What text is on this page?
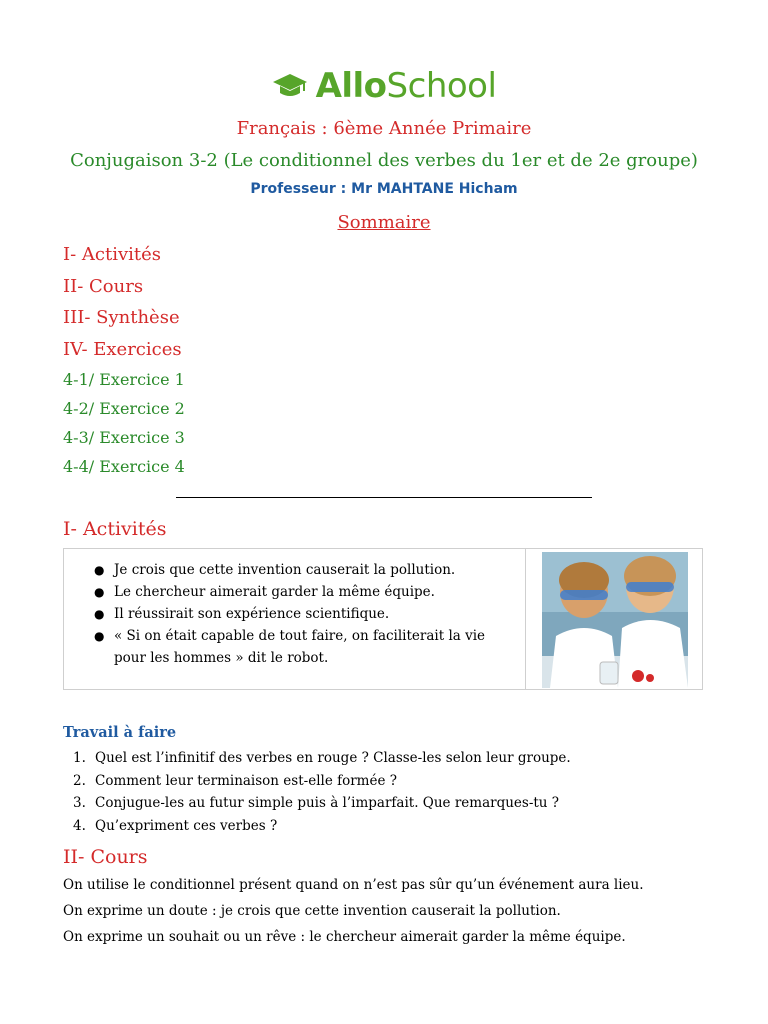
AlloSchool
Français : 6ème Année Primaire
Conjugaison 3-2 (Le conditionnel des verbes du 1er et de 2e groupe)
Professeur : Mr MAHTANE Hicham
Sommaire
I- Activités
II- Cours
III- Synthèse
IV- Exercices
4-1/ Exercice 1
4-2/ Exercice 2
4-3/ Exercice 3
4-4/ Exercice 4
I- Activités
● Je crois que cette invention causerait la pollution.
● Le chercheur aimerait garder la même équipe.
● Il réussirait son expérience scientifique.
● « Si on était capable de tout faire, on faciliterait la vie pour les hommes » dit le robot.
Travail à faire
1. Quel est l’infinitif des verbes en rouge ? Classe-les selon leur groupe.
2. Comment leur terminaison est-elle formée ?
3. Conjugue-les au futur simple puis à l’imparfait. Que remarques-tu ?
4. Qu’expriment ces verbes ?
II- Cours
On utilise le conditionnel présent quand on n’est pas sûr qu’un événement aura lieu.
On exprime un doute : je crois que cette invention causerait la pollution.
On exprime un souhait ou un rêve : le chercheur aimerait garder la même équipe.
